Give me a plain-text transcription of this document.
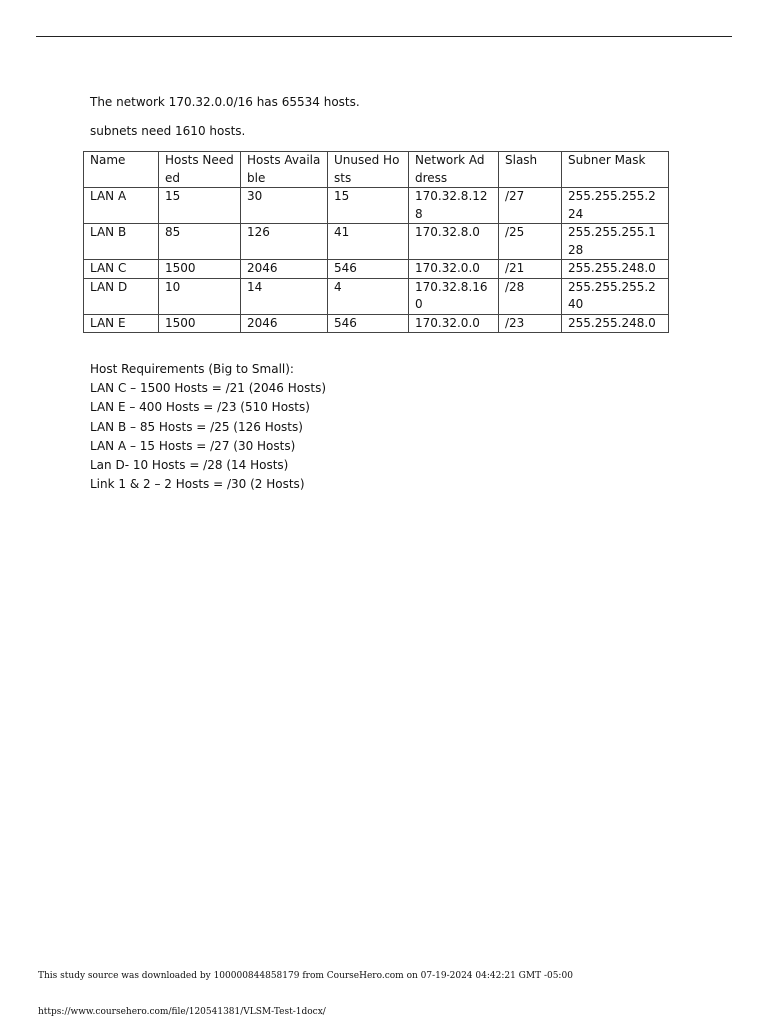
The network 170.32.0.0/16 has 65534 hosts.
subnets need 1610 hosts.
Name	Hosts Needed	Hosts Available	Unused Hosts	Network Address	Slash	Subner Mask
LAN A	15	30	15	170.32.8.128	/27	255.255.255.224
LAN B	85	126	41	170.32.8.0	/25	255.255.255.128
LAN C	1500	2046	546	170.32.0.0	/21	255.255.248.0
LAN D	10	14	4	170.32.8.160	/28	255.255.255.240
LAN E	1500	2046	546	170.32.0.0	/23	255.255.248.0
Host Requirements (Big to Small):
LAN C – 1500 Hosts = /21 (2046 Hosts)
LAN E – 400 Hosts = /23 (510 Hosts)
LAN B – 85 Hosts = /25 (126 Hosts)
LAN A – 15 Hosts = /27 (30 Hosts)
Lan D- 10 Hosts = /28 (14 Hosts)
Link 1 & 2 – 2 Hosts = /30 (2 Hosts)
This study source was downloaded by 100000844858179 from CourseHero.com on 07-19-2024 04:42:21 GMT -05:00
https://www.coursehero.com/file/120541381/VLSM-Test-1docx/
